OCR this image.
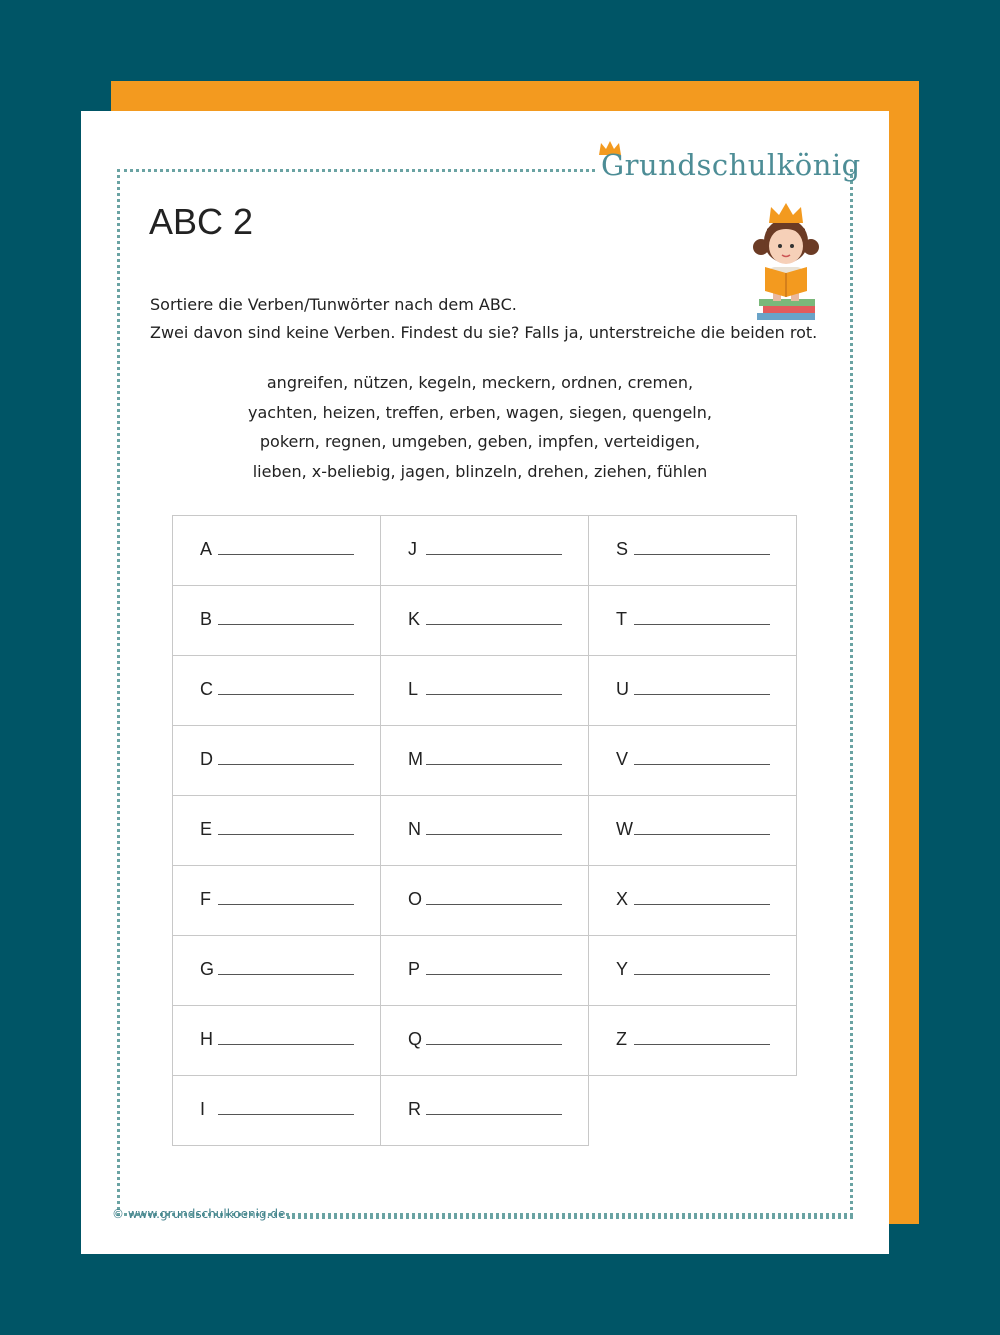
Grundschulkönig
ABC 2
Sortiere die Verben/Tunwörter nach dem ABC.
Zwei davon sind keine Verben. Findest du sie? Falls ja, unterstreiche die beiden rot.
angreifen, nützen, kegeln, meckern, ordnen, cremen,
yachten, heizen, treffen, erben, wagen, siegen, quengeln,
pokern, regnen, umgeben, geben, impfen, verteidigen,
lieben, x-beliebig, jagen, blinzeln, drehen, ziehen, fühlen
A	J	S

B	K	T

C	L	U

D	M	V

E	N	W

F	O	X

G	P	Y

H	Q	Z

I	R	

© www.grundschulkoenig.de
